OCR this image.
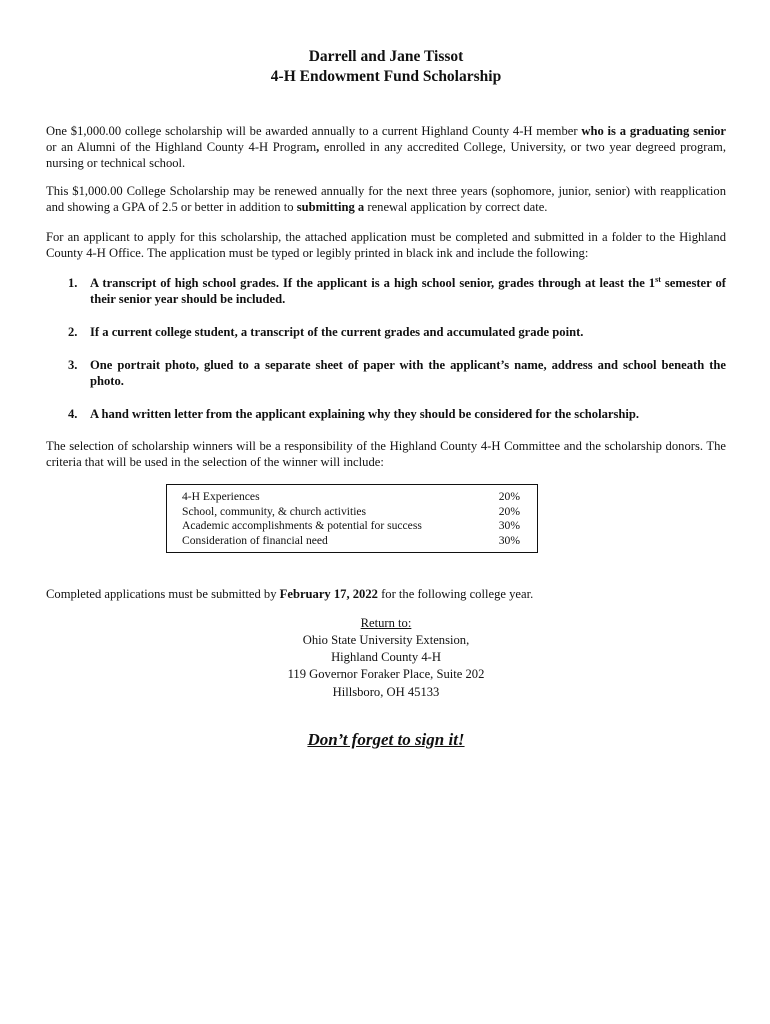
Darrell and Jane Tissot

4-H Endowment Fund Scholarship

One $1,000.00 college scholarship will be awarded annually to a current Highland County 4-H member who is a graduating senior or an Alumni of the Highland County 4-H Program, enrolled in any accredited College, University, or two year degreed program, nursing or technical school.

This $1,000.00 College Scholarship may be renewed annually for the next three years (sophomore, junior, senior) with reapplication and showing a GPA of 2.5 or better in addition to submitting a renewal application by correct date.

For an applicant to apply for this scholarship, the attached application must be completed and submitted in a folder to the Highland County 4-H Office. The application must be typed or legibly printed in black ink and include the following:

1. A transcript of high school grades. If the applicant is a high school senior, grades through at least the 1st semester of their senior year should be included.
2. If a current college student, a transcript of the current grades and accumulated grade point.
3. One portrait photo, glued to a separate sheet of paper with the applicant’s name, address and school beneath the photo.
4. A hand written letter from the applicant explaining why they should be considered for the scholarship.

The selection of scholarship winners will be a responsibility of the Highland County 4-H Committee and the scholarship donors. The criteria that will be used in the selection of the winner will include:

4-H Experiences	20%
School, community, & church activities	20%
Academic accomplishments & potential for success	30%
Consideration of financial need	30%

Completed applications must be submitted by February 17, 2022 for the following college year.

Return to:
Ohio State University Extension,
Highland County 4-H
119 Governor Foraker Place, Suite 202
Hillsboro, OH 45133
Don’t forget to sign it!
